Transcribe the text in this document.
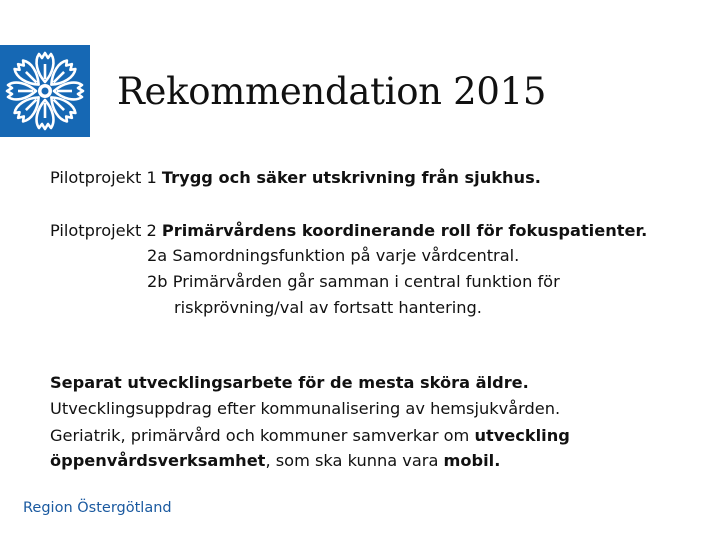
Rekommendation 2015
Pilotprojekt 1 Trygg och säker utskrivning från sjukhus.
Pilotprojekt 2 Primärvårdens koordinerande roll för fokuspatienter.
2a Samordningsfunktion på varje vårdcentral.
2b Primärvården går samman i central funktion för
riskprövning/val av fortsatt hantering.
Separat utvecklingsarbete för de mesta sköra äldre.
Utvecklingsuppdrag efter kommunalisering av hemsjukvården.
Geriatrik, primärvård och kommuner samverkar om utveckling
öppenvårdsverksamhet, som ska kunna vara mobil.
Region Östergötland
